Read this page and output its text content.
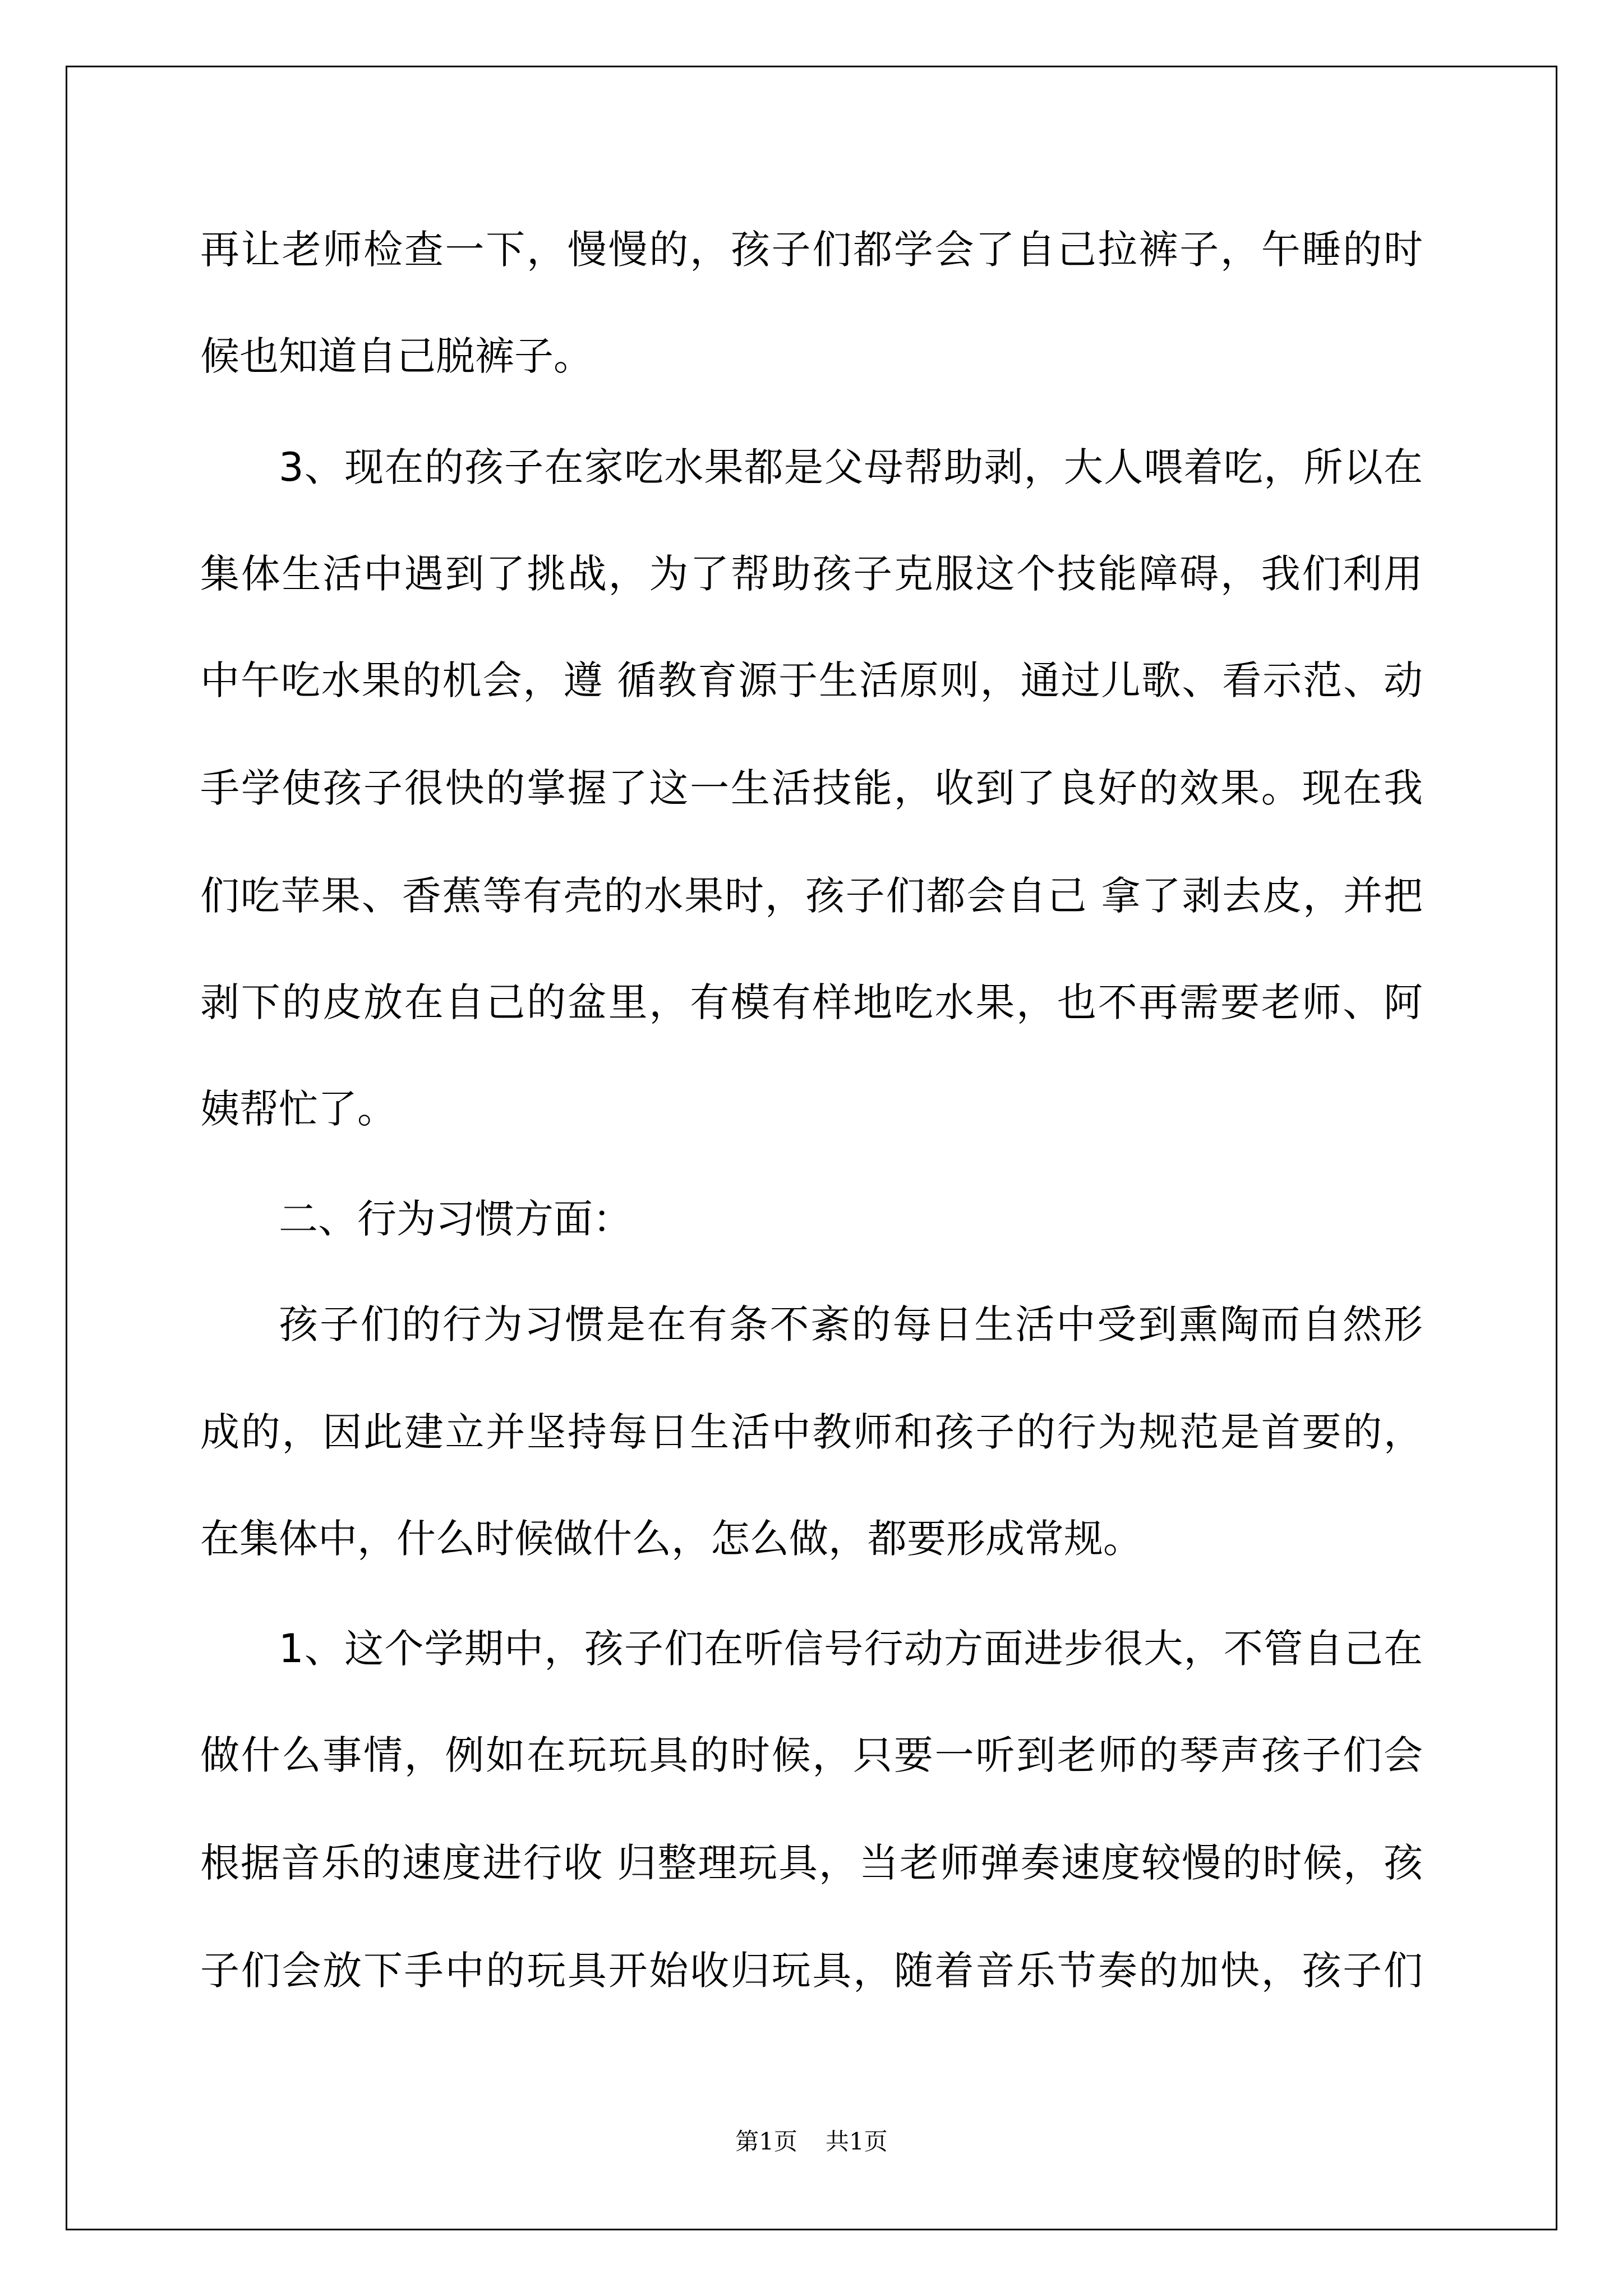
再让老师检查一下，慢慢的，孩子们都学会了自己拉裤子，午睡的时

候也知道自己脱裤子。

3、现在的孩子在家吃水果都是父母帮助剥，大人喂着吃，所以在

集体生活中遇到了挑战，为了帮助孩子克服这个技能障碍，我们利用

中午吃水果的机会，遵 循教育源于生活原则，通过儿歌、看示范、动

手学使孩子很快的掌握了这一生活技能，收到了良好的效果。现在我

们吃苹果、香蕉等有壳的水果时，孩子们都会自己 拿了剥去皮，并把

剥下的皮放在自己的盆里，有模有样地吃水果，也不再需要老师、阿

姨帮忙了。

二、行为习惯方面：

孩子们的行为习惯是在有条不紊的每日生活中受到熏陶而自然形

成的，因此建立并坚持每日生活中教师和孩子的行为规范是首要的，

在集体中，什么时候做什么，怎么做，都要形成常规。

1、这个学期中，孩子们在听信号行动方面进步很大，不管自己在

做什么事情，例如在玩玩具的时候，只要一听到老师的琴声孩子们会

根据音乐的速度进行收 归整理玩具，当老师弹奏速度较慢的时候，孩

子们会放下手中的玩具开始收归玩具，随着音乐节奏的加快，孩子们

第1页 共1页
